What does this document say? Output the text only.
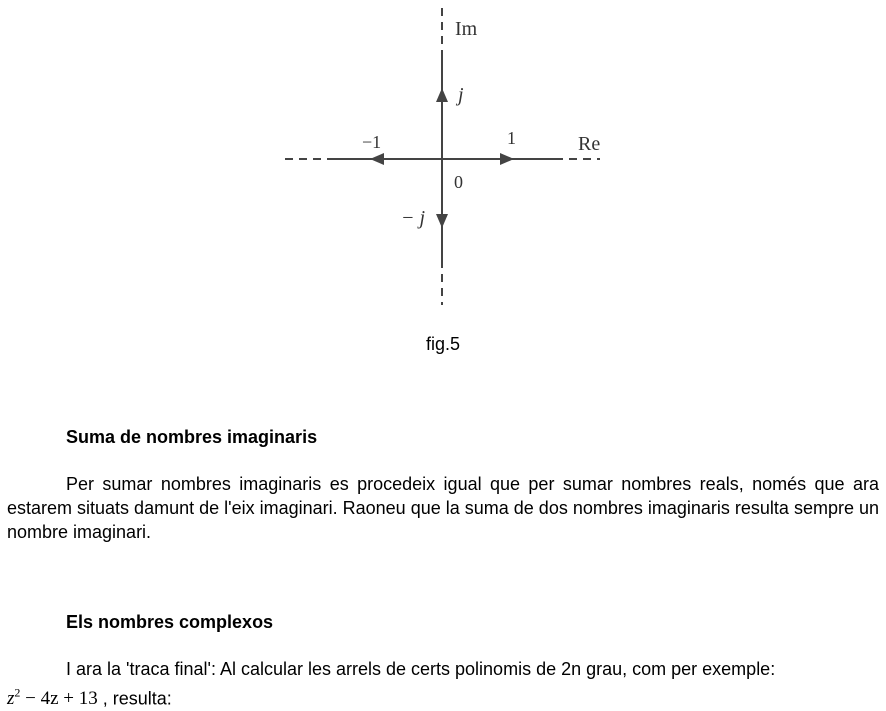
Im
Re
0
j
− j
1
−1
fig.5
Suma de nombres imaginaris
Per sumar nombres imaginaris es procedeix igual que per sumar nombres reals, només que ara estarem situats damunt de l'eix imaginari. Raoneu que la suma de dos nombres imaginaris resulta sempre un nombre imaginari.
Els nombres complexos
I ara la 'traca final': Al calcular les arrels de certs polinomis de 2n grau, com per exemple:
$z^2 - 4z + 13$ , resulta:
